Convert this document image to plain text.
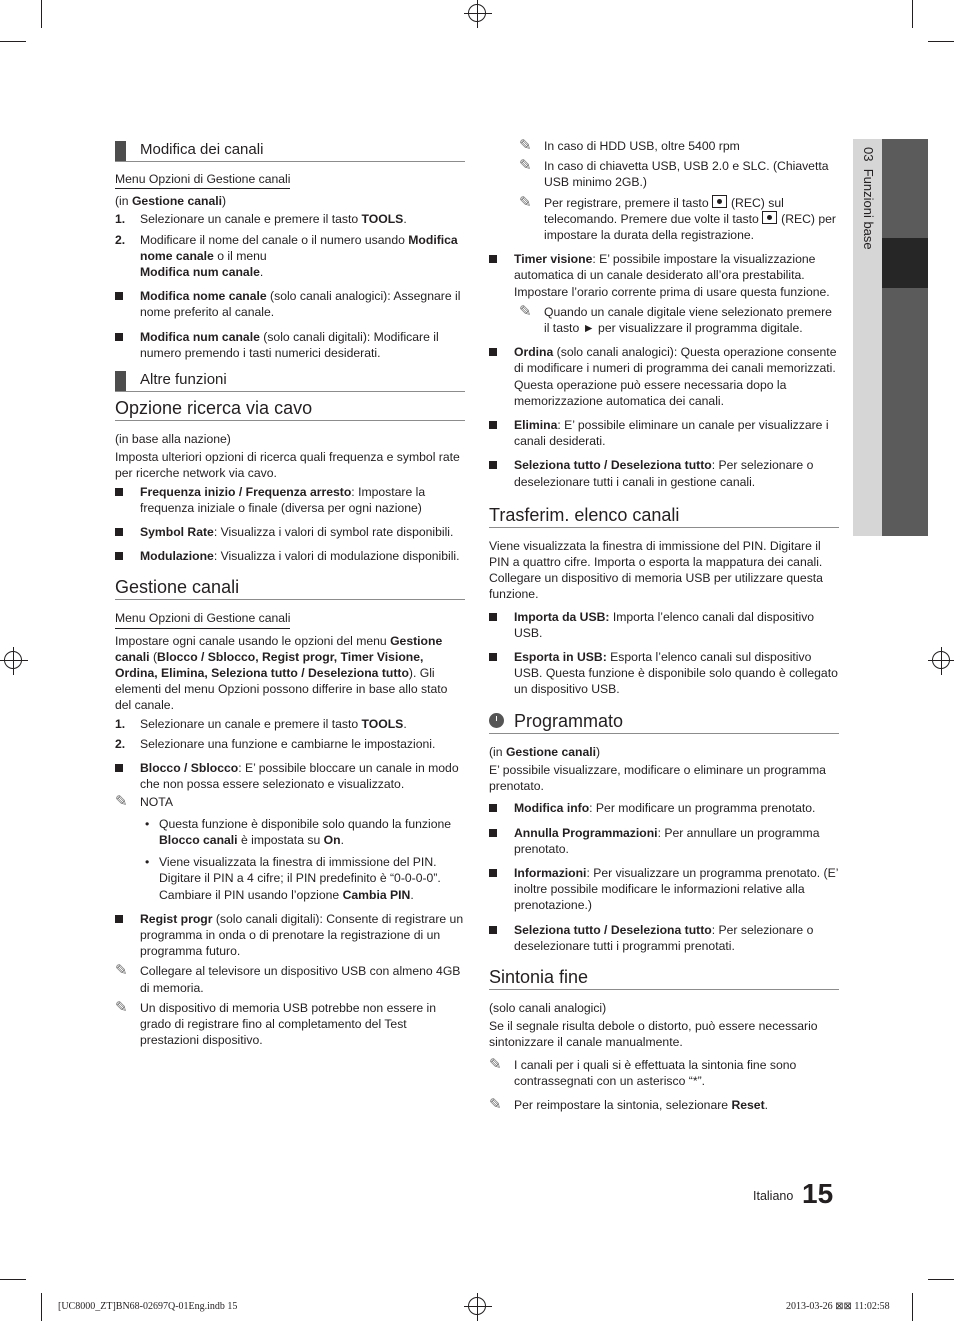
03  Funzioni base
Modifica dei canali
Menu Opzioni di Gestione canali

(in Gestione canali)

1. Selezionare un canale e premere il tasto TOOLS.
2. Modificare il nome del canale o il numero usando Modifica nome canale o il menu
Modifica num canale.
Modifica nome canale (solo canali analogici): Assegnare il nome preferito al canale.
Modifica num canale (solo canali digitali): Modificare il numero premendo i tasti numerici desiderati.
Altre funzioni
Opzione ricerca via cavo

(in base alla nazione)

Imposta ulteriori opzioni di ricerca quali frequenza e symbol rate per ricerche network via cavo.

Frequenza inizio / Frequenza arresto: Impostare la frequenza iniziale o finale (diversa per ogni nazione)
Symbol Rate: Visualizza i valori di symbol rate disponibili.
Modulazione: Visualizza i valori di modulazione disponibili.
Gestione canali
Menu Opzioni di Gestione canali

Impostare ogni canale usando le opzioni del menu Gestione canali (Blocco / Sblocco, Regist progr, Timer Visione, Ordina, Elimina, Seleziona tutto / Deseleziona tutto). Gli elementi del menu Opzioni possono differire in base allo stato del canale.

1. Selezionare un canale e premere il tasto TOOLS.
2. Selezionare una funzione e cambiarne le impostazioni.
Blocco / Sblocco: E’ possibile bloccare un canale in modo che non possa essere selezionato e visualizzato.
✎ NOTA
• Questa funzione è disponibile solo quando la funzione Blocco canali è impostata su On.
• Viene visualizzata la finestra di immissione del PIN. Digitare il PIN a 4 cifre; il PIN predefinito è “0-0-0-0”. Cambiare il PIN usando l’opzione Cambia PIN.
Regist progr (solo canali digitali): Consente di registrare un programma in onda o di prenotare la registrazione di un programma futuro.
✎ Collegare al televisore un dispositivo USB con almeno 4GB di memoria.
✎ Un dispositivo di memoria USB potrebbe non essere in grado di registrare fino al completamento del Test prestazioni dispositivo.
✎ In caso di HDD USB, oltre 5400 rpm
✎ In caso di chiavetta USB, USB 2.0 e SLC. (Chiavetta USB minimo 2GB.)
✎ Per registrare, premere il tasto
(REC) sul telecomando. Premere due volte il tasto
(REC) per impostare la durata della registrazione.
Timer visione: E’ possibile impostare la visualizzazione automatica di un canale desiderato all’ora prestabilita. Impostare l’orario corrente prima di usare questa funzione.
✎ Quando un canale digitale viene selezionato premere il tasto ► per visualizzare il programma digitale.
Ordina (solo canali analogici): Questa operazione consente di modificare i numeri di programma dei canali memorizzati. Questa operazione può essere necessaria dopo la memorizzazione automatica dei canali.
Elimina: E’ possibile eliminare un canale per visualizzare i canali desiderati.
Seleziona tutto / Deseleziona tutto: Per selezionare o deselezionare tutti i canali in gestione canali.
Trasferim. elenco canali

Viene visualizzata la finestra di immissione del PIN. Digitare il PIN a quattro cifre. Importa o esporta la mappatura dei canali. Collegare un dispositivo di memoria USB per utilizzare questa funzione.

Importa da USB: Importa l’elenco canali dal dispositivo USB.
Esporta in USB: Esporta l’elenco canali sul dispositivo USB. Questa funzione è disponibile solo quando è collegato un dispositivo USB.
Programmato

(in Gestione canali)

E’ possibile visualizzare, modificare o eliminare un programma prenotato.

Modifica info: Per modificare un programma prenotato.
Annulla Programmazioni: Per annullare un programma prenotato.
Informazioni: Per visualizzare un programma prenotato. (E’ inoltre possibile modificare le informazioni relative alla prenotazione.)
Seleziona tutto / Deseleziona tutto: Per selezionare o deselezionare tutti i programmi prenotati.
Sintonia fine

(solo canali analogici)

Se il segnale risulta debole o distorto, può essere necessario sintonizzare il canale manualmente.

✎ I canali per i quali si è effettuata la sintonia fine sono contrassegnati con un asterisco “*”.
✎ Per reimpostare la sintonia, selezionare Reset.
Italiano 15
[UC8000_ZT]BN68-02697Q-01Eng.indb 15	2013-03-26 ⊠⊠ 11:02:58
